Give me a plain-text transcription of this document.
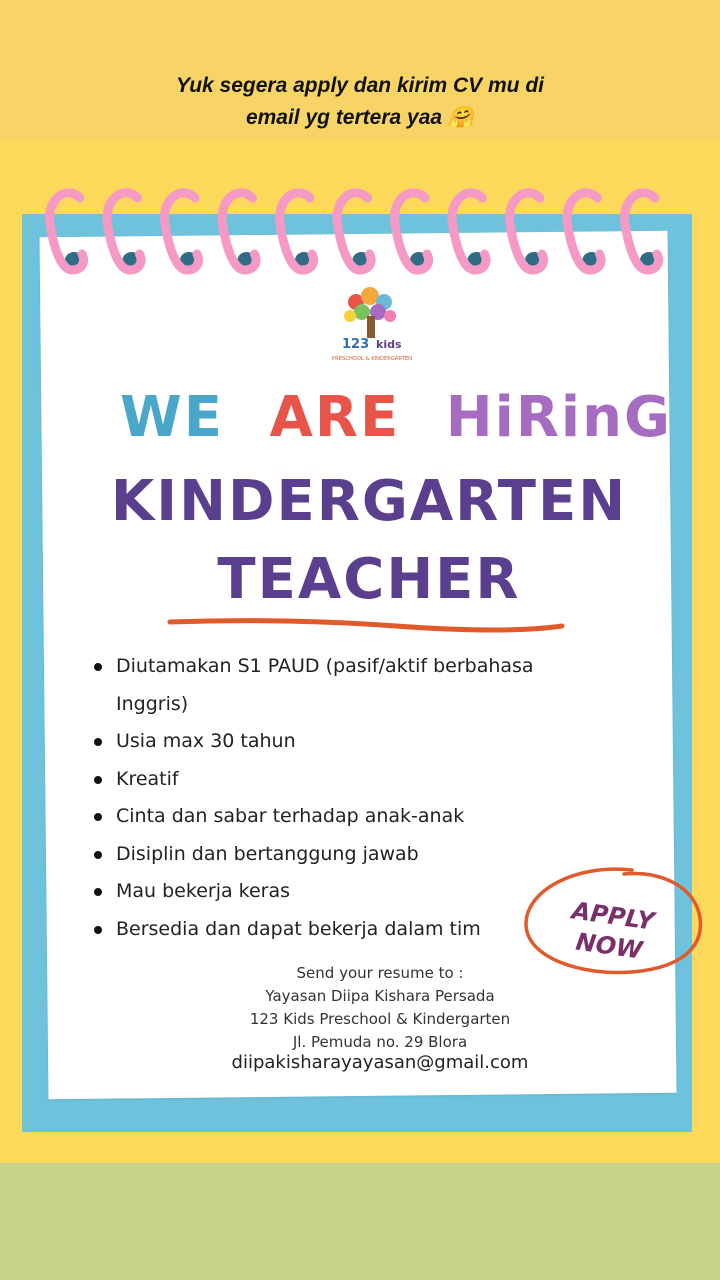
Yuk segera apply dan kirim CV mu di
email yg tertera yaa 🤗
123 kids
PRESCHOOL & KINDERGARTEN
WE ARE HiRinG
KINDERGARTEN
TEACHER
Diutamakan S1 PAUD (pasif/aktif berbahasa
Inggris)
Usia max 30 tahun
Kreatif
Cinta dan sabar terhadap anak-anak
Disiplin dan bertanggung jawab
Mau bekerja keras
Bersedia dan dapat bekerja dalam tim
Send your resume to :
Yayasan Diipa Kishara Persada
123 Kids Preschool & Kindergarten
Jl. Pemuda no. 29 Blora
diipakisharayayasan@gmail.com
APPLY
NOW
